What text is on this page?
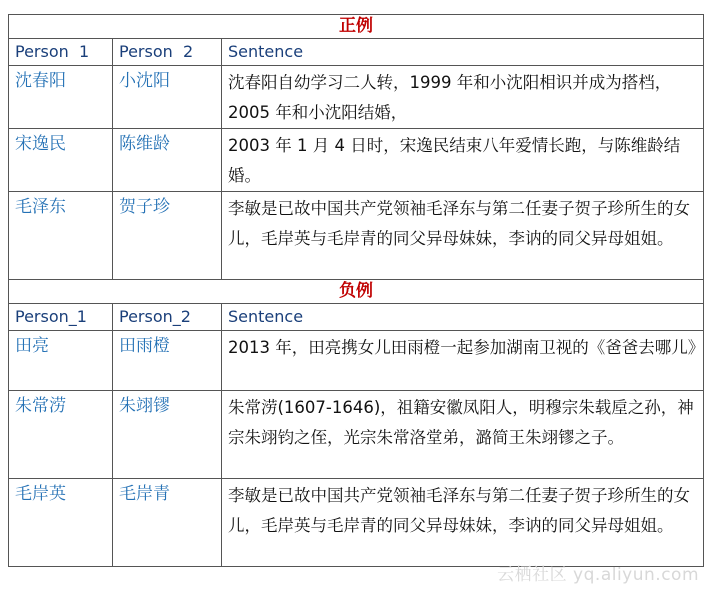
正例		
Person  1	Person  2	Sentence
沈春阳	小沈阳	沈春阳自幼学习二人转，1999 年和小沈阳相识并成为搭档，2005 年和小沈阳结婚，
宋逸民	陈维龄	2003 年 1 月 4 日时，宋逸民结束八年爱情长跑，与陈维龄结婚。
毛泽东	贺子珍	李敏是已故中国共产党领袖毛泽东与第二任妻子贺子珍所生的女儿，毛岸英与毛岸青的同父异母妹妹，李讷的同父异母姐姐。
负例		
Person_1	Person_2	Sentence
田亮	田雨橙	2013 年，田亮携女儿田雨橙一起参加湖南卫视的《爸爸去哪儿》
朱常涝	朱翊镠	朱常涝(1607-1646)，祖籍安徽凤阳人，明穆宗朱载垕之孙，神宗朱翊钧之侄，光宗朱常洛堂弟，潞简王朱翊镠之子。
毛岸英	毛岸青	李敏是已故中国共产党领袖毛泽东与第二任妻子贺子珍所生的女儿，毛岸英与毛岸青的同父异母妹妹，李讷的同父异母姐姐。
云栖社区 yq.aliyun.com
